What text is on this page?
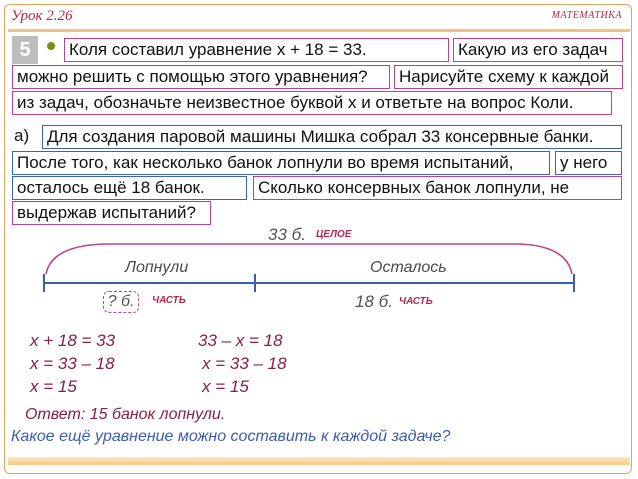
Урок 2.26	МАТЕМАТИКА
5	Коля составил уравнение x + 18 = 33.	Какую из его задач
можно решить с помощью этого уравнения?	Нарисуйте схему к каждой
из задач, обозначьте неизвестное буквой x и ответьте на вопрос Коли.
а) Для создания паровой машины Мишка собрал 33 консервные банки.
После того, как несколько банок лопнули во время испытаний,	у него
осталось ещё 18 банок.	Сколько консервных банок лопнули, не
выдержав испытаний?
33 б. ЦЕЛОЕ
Лопнули	Осталось
? б.	ЧАСТЬ	18 б. ЧАСТЬ
x + 18 = 33
x = 33 – 18
x = 15
33 – x = 18
x = 33 – 18
x = 15
Ответ: 15 банок лопнули.
Какое ещё уравнение можно составить к каждой задаче?
